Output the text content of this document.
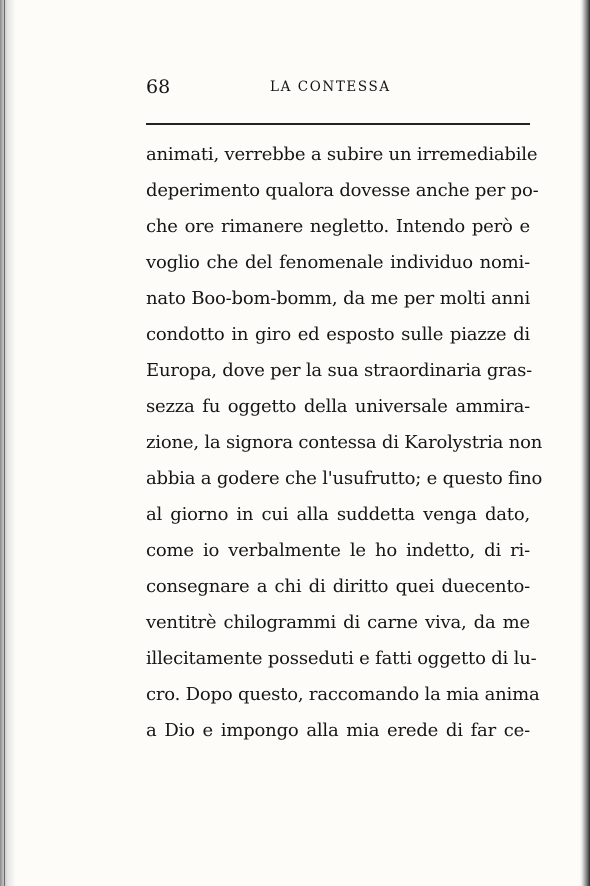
68	LA CONTESSA
animati, verrebbe a subire un irremediabile
deperimento qualora dovesse anche per po-
che ore rimanere negletto. Intendo però e
voglio che del fenomenale individuo nomi-
nato Boo-bom-bomm, da me per molti anni
condotto in giro ed esposto sulle piazze di
Europa, dove per la sua straordinaria gras-
sezza fu oggetto della universale ammira-
zione, la signora contessa di Karolystria non
abbia a godere che l'usufrutto; e questo fino
al giorno in cui alla suddetta venga dato,
come io verbalmente le ho indetto, di ri-
consegnare a chi di diritto quei duecento-
ventitrè chilogrammi di carne viva, da me
illecitamente posseduti e fatti oggetto di lu-
cro. Dopo questo, raccomando la mia anima
a Dio e impongo alla mia erede di far ce-
